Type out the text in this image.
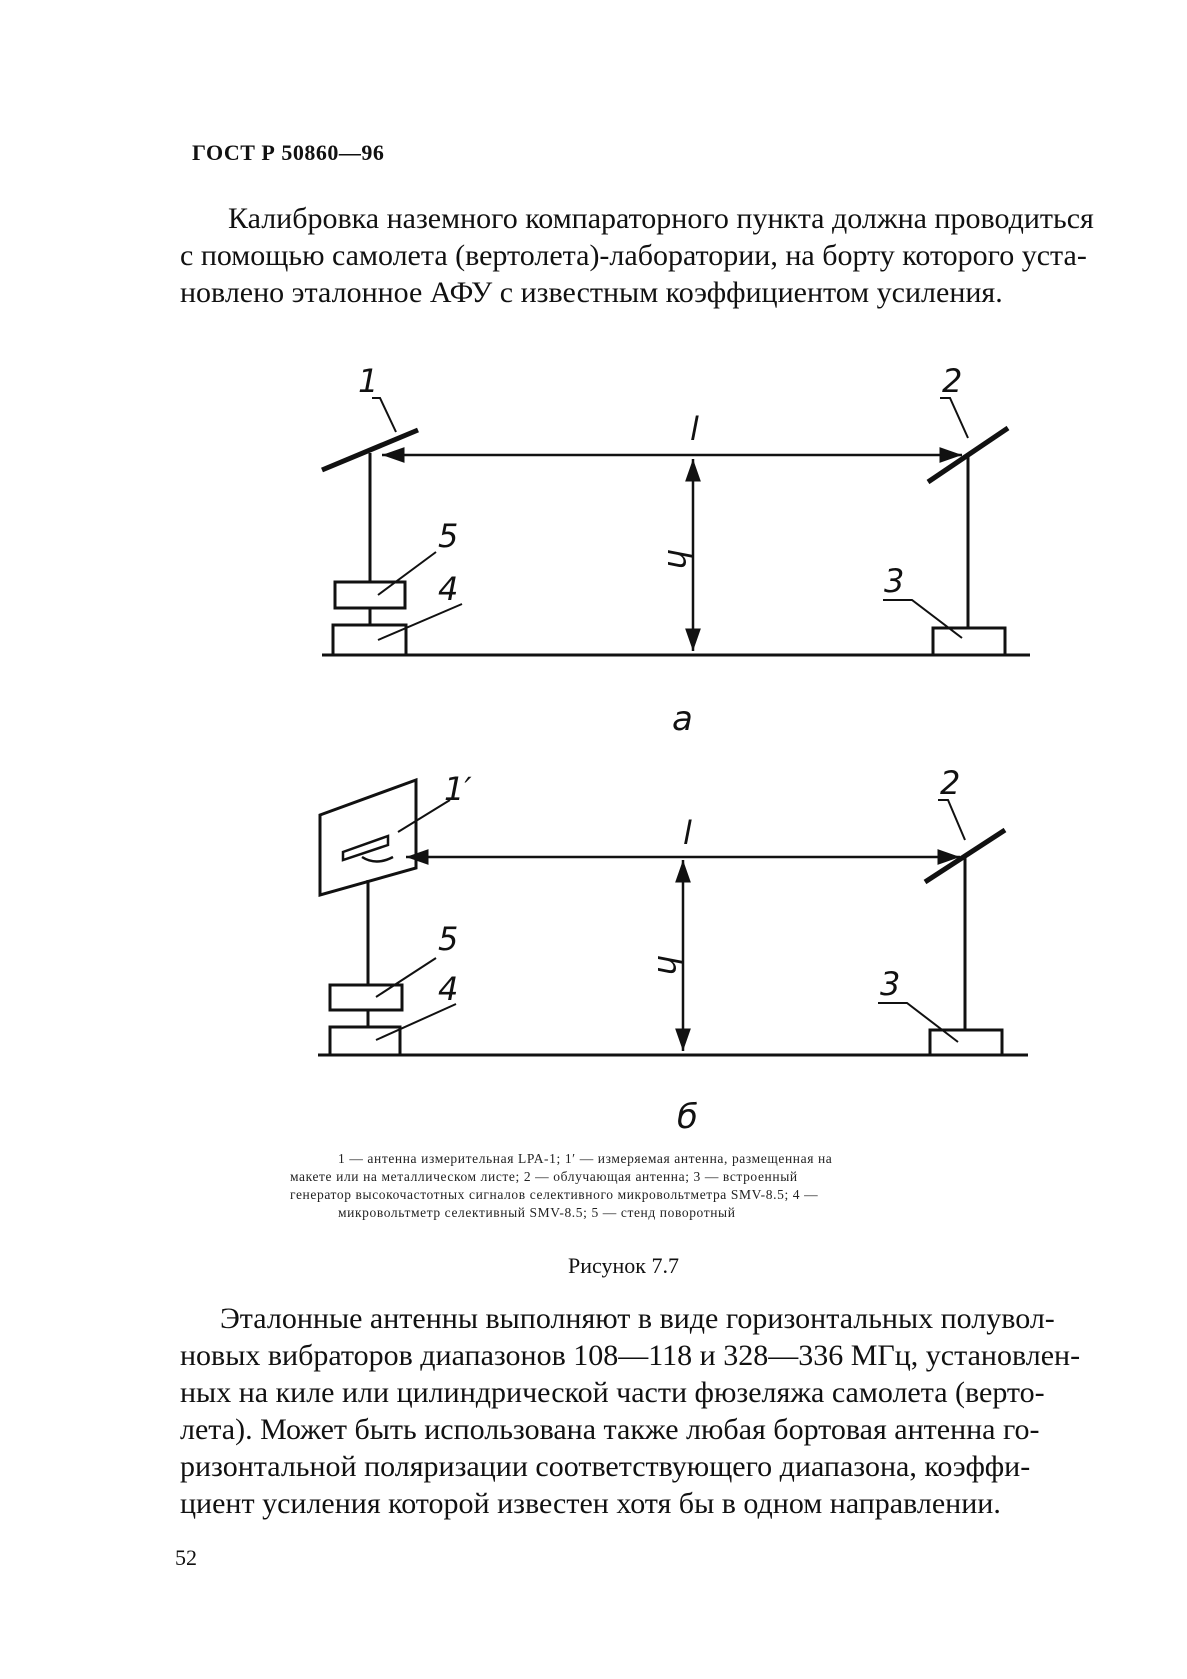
ГОСТ Р 50860—96
Калибровка наземного компараторного пункта должна проводиться
с помощью самолета (вертолета)-лаборатории, на борту которого уста-
новлено эталонное АФУ с известным коэффициентом усиления.
1	2
5
4	3
l
h
а
1′	2
5
4	3
l
h
б
1 — антенна измерительная LPA-1; 1′ — измеряемая антенна, размещенная на
макете или на металлическом листе; 2 — облучающая антенна; 3 — встроенный
генератор высокочастотных сигналов селективного микровольтметра SMV-8.5; 4 —
микровольтметр селективный SMV-8.5; 5 — стенд поворотный
Рисунок 7.7
Эталонные антенны выполняют в виде горизонтальных полувол-
новых вибраторов диапазонов 108—118 и 328—336 МГц, установлен-
ных на киле или цилиндрической части фюзеляжа самолета (верто-
лета). Может быть использована также любая бортовая антенна го-
ризонтальной поляризации соответствующего диапазона, коэффи-
циент усиления которой известен хотя бы в одном направлении.
52
